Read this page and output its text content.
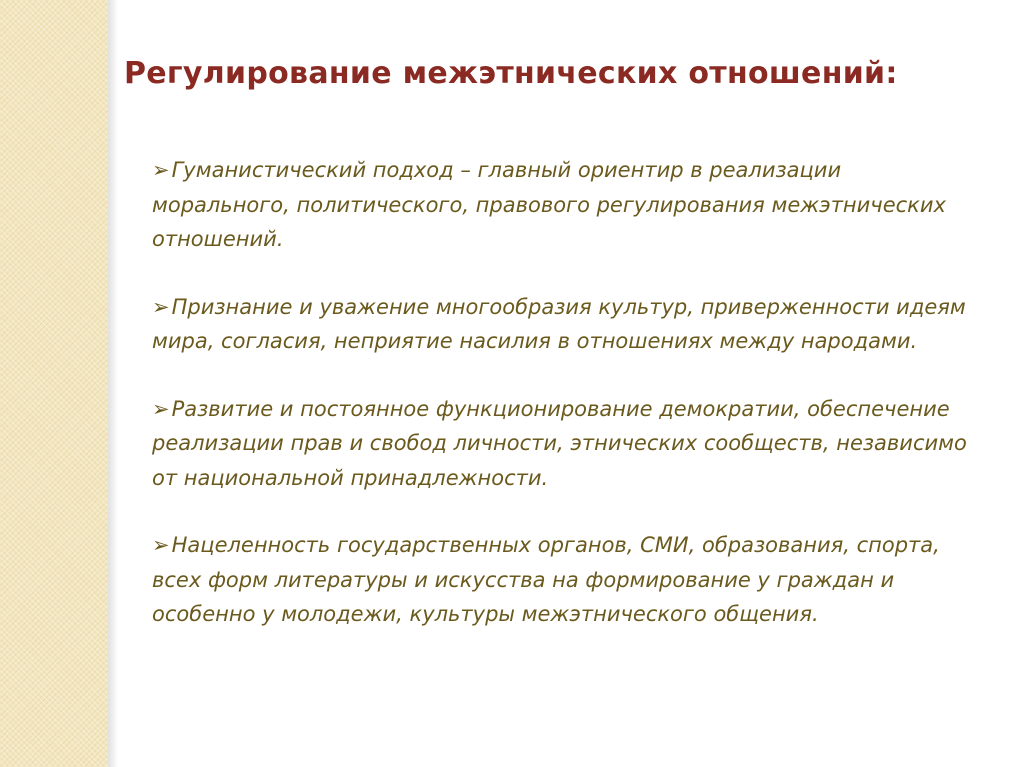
Регулирование межэтнических отношений:

➢Гуманистический подход – главный ориентир в реализации морального, политического, правового регулирования межэтнических отношений.

➢Признание и уважение многообразия культур, приверженности идеям мира, согласия, неприятие насилия в отношениях между народами.

➢Развитие и постоянное функционирование демократии, обеспечение реализации прав и свобод личности, этнических сообществ, независимо от национальной принадлежности.

➢Нацеленность государственных органов, СМИ, образования, спорта, всех форм литературы и искусства на формирование у граждан и особенно у молодежи, культуры межэтнического общения.
